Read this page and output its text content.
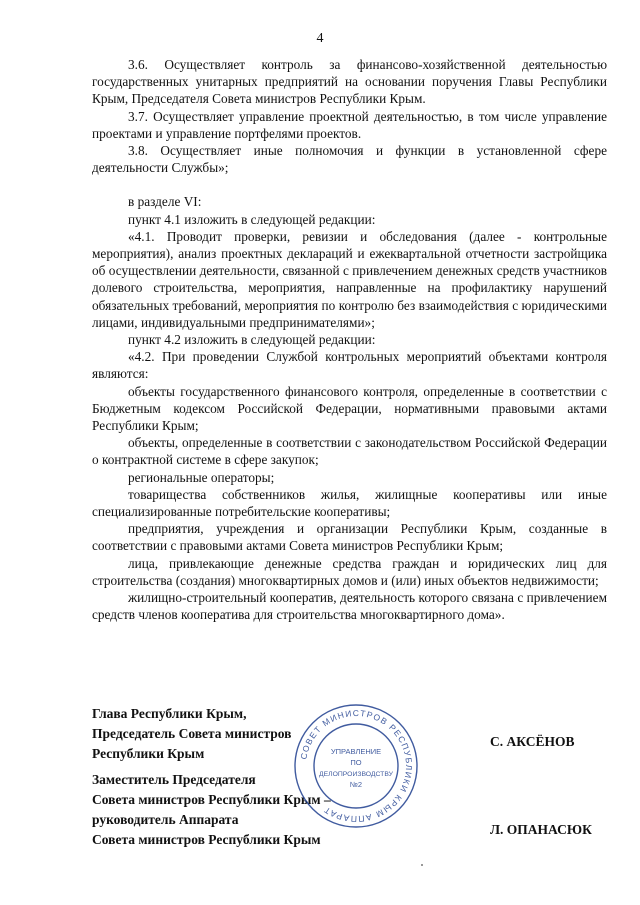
4

3.6. Осуществляет контроль за финансово-хозяйственной деятельностью государственных унитарных предприятий на основании поручения Главы Республики Крым, Председателя Совета министров Республики Крым.

3.7. Осуществляет управление проектной деятельностью, в том числе управление проектами и управление портфелями проектов.

3.8. Осуществляет иные полномочия и функции в установленной сфере деятельности Службы»;

в разделе VI:

пункт 4.1 изложить в следующей редакции:

«4.1. Проводит проверки, ревизии и обследования (далее - контрольные мероприятия), анализ проектных деклараций и ежеквартальной отчетности застройщика об осуществлении деятельности, связанной с привлечением денежных средств участников долевого строительства, мероприятия, направленные на профилактику нарушений обязательных требований, мероприятия по контролю без взаимодействия с юридическими лицами, индивидуальными предпринимателями»;

пункт 4.2 изложить в следующей редакции:

«4.2. При проведении Службой контрольных мероприятий объектами контроля являются:

объекты государственного финансового контроля, определенные в соответствии с Бюджетным кодексом Российской Федерации, нормативными правовыми актами Республики Крым;

объекты, определенные в соответствии с законодательством Российской Федерации о контрактной системе в сфере закупок;

региональные операторы;

товарищества собственников жилья, жилищные кооперативы или иные специализированные потребительские кооперативы;

предприятия, учреждения и организации Республики Крым, созданные в соответствии с правовыми актами Совета министров Республики Крым;

лица, привлекающие денежные средства граждан и юридических лиц для строительства (создания) многоквартирных домов и (или) иных объектов недвижимости;

жилищно-строительный кооператив, деятельность которого связана с привлечением средств членов кооператива для строительства многоквартирного дома».

Глава Республики Крым,
Председатель Совета министров
Республики Крым
С. АКСЁНОВ
Заместитель Председателя
Совета министров Республики Крым –
руководитель Аппарата
Совета министров Республики Крым
Л. ОПАНАСЮК
СОВЕТ МИНИСТРОВ РЕСПУБЛИКИ КРЫМ АППАРАТ
УПРАВЛЕНИЕ
ПО
ДЕЛОПРОИЗВОДСТВУ
№2
